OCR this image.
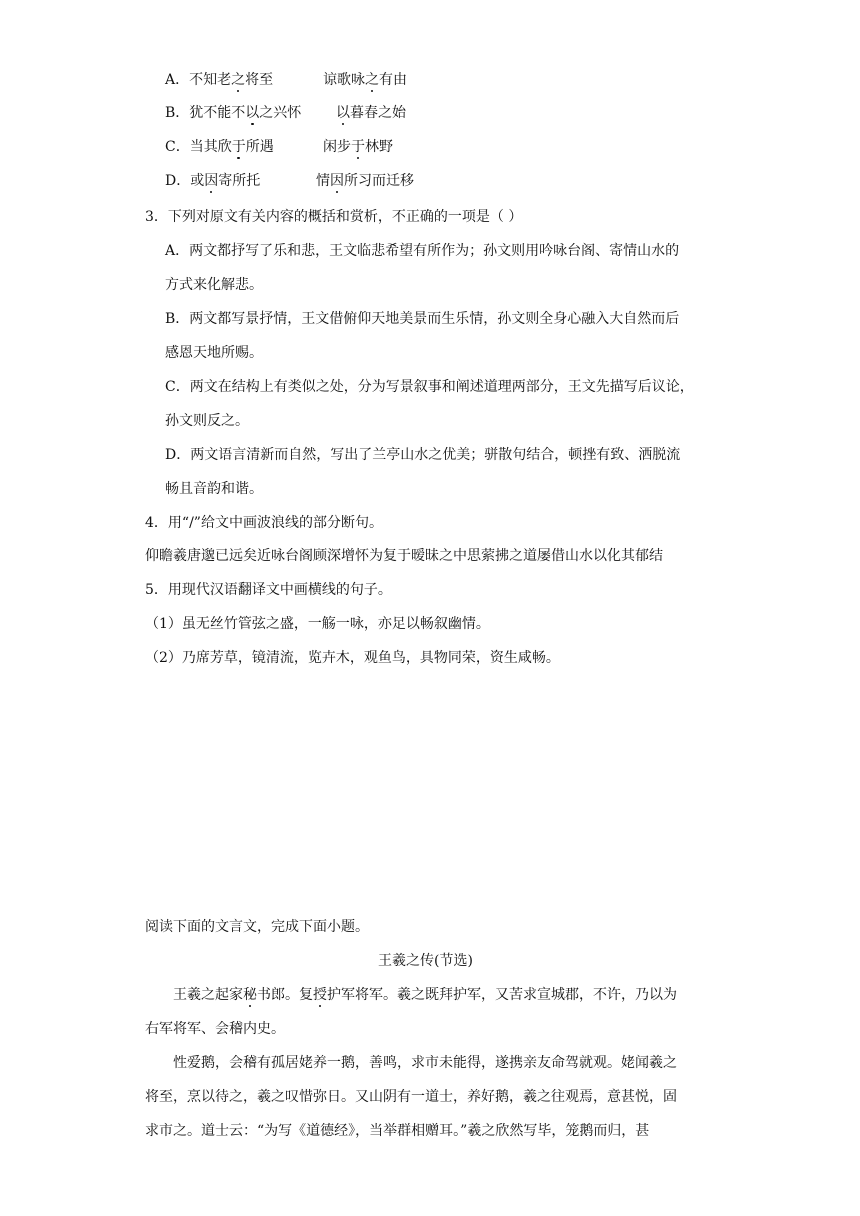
A．不知老之将至	谅歌咏之有由
B．犹不能不以之兴怀 以暮春之始
C．当其欣于所遇	闲步于林野
D．或因寄所托	情因所习而迁移
3．下列对原文有关内容的概括和赏析，不正确的一项是（ ）
A．两文都抒写了乐和悲，王文临悲希望有所作为；孙文则用吟咏台阁、寄情山水的
方式来化解悲。
B．两文都写景抒情，王文借俯仰天地美景而生乐情，孙文则全身心融入大自然而后
感恩天地所赐。
C．两文在结构上有类似之处，分为写景叙事和阐述道理两部分，王文先描写后议论，
孙文则反之。
D．两文语言清新而自然，写出了兰亭山水之优美；骈散句结合，顿挫有致、洒脱流
畅且音韵和谐。
4．用“/”给文中画波浪线的部分断句。
仰瞻羲唐邈已远矣近咏台阁顾深增怀为复于暧昧之中思萦拂之道屡借山水以化其郁结
5．用现代汉语翻译文中画横线的句子。
（1）虽无丝竹管弦之盛，一觞一咏，亦足以畅叙幽情。
（2）乃席芳草，镜清流，览卉木，观鱼鸟，具物同荣，资生咸畅。
阅读下面的文言文，完成下面小题。
王羲之传(节选)
王羲之起家秘书郎。复授护军将军。羲之既拜护军，又苦求宣城郡，不许，乃以为
右军将军、会稽内史。
性爱鹅，会稽有孤居姥养一鹅，善鸣，求市未能得，遂携亲友命驾就观。姥闻羲之
将至，烹以待之，羲之叹惜弥日。又山阴有一道士，养好鹅，羲之往观焉，意甚悦，固
求市之。道士云：“为写《道德经》，当举群相赠耳。”羲之欣然写毕，笼鹅而归，甚
